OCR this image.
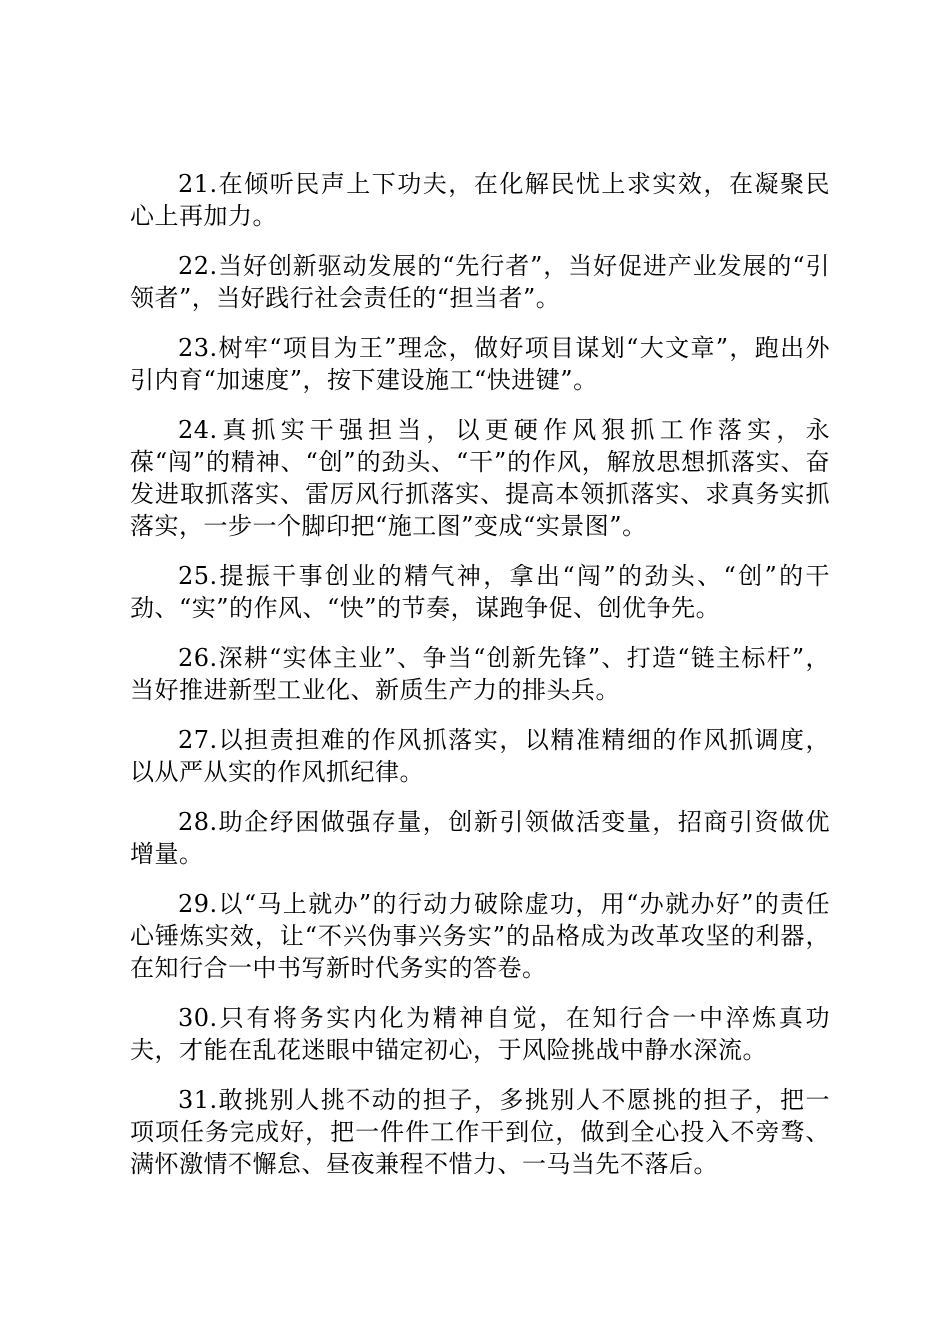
21.在倾听民声上下功夫，在化解民忧上求实效，在凝聚民心上再加力。

22.当好创新驱动发展的“先行者”，当好促进产业发展的“引领者”，当好践行社会责任的“担当者”。

23.树牢“项目为王”理念，做好项目谋划“大文章”，跑出外引内育“加速度”，按下建设施工“快进键”。

24.真抓实干强担当，以更硬作风狠抓工作落实，永葆“闯”的精神、“创”的劲头、“干”的作风，解放思想抓落实、奋发进取抓落实、雷厉风行抓落实、提高本领抓落实、求真务实抓落实，一步一个脚印把“施工图”变成“实景图”。

25.提振干事创业的精气神，拿出“闯”的劲头、“创”的干劲、“实”的作风、“快”的节奏，谋跑争促、创优争先。

26.深耕“实体主业”、争当“创新先锋”、打造“链主标杆”，当好推进新型工业化、新质生产力的排头兵。

27.以担责担难的作风抓落实，以精准精细的作风抓调度，以从严从实的作风抓纪律。

28.助企纾困做强存量，创新引领做活变量，招商引资做优增量。

29.以“马上就办”的行动力破除虚功，用“办就办好”的责任心锤炼实效，让“不兴伪事兴务实”的品格成为改革攻坚的利器，在知行合一中书写新时代务实的答卷。

30.只有将务实内化为精神自觉，在知行合一中淬炼真功夫，才能在乱花迷眼中锚定初心，于风险挑战中静水深流。

31.敢挑别人挑不动的担子，多挑别人不愿挑的担子，把一项项任务完成好，把一件件工作干到位，做到全心投入不旁骛、满怀激情不懈怠、昼夜兼程不惜力、一马当先不落后。
